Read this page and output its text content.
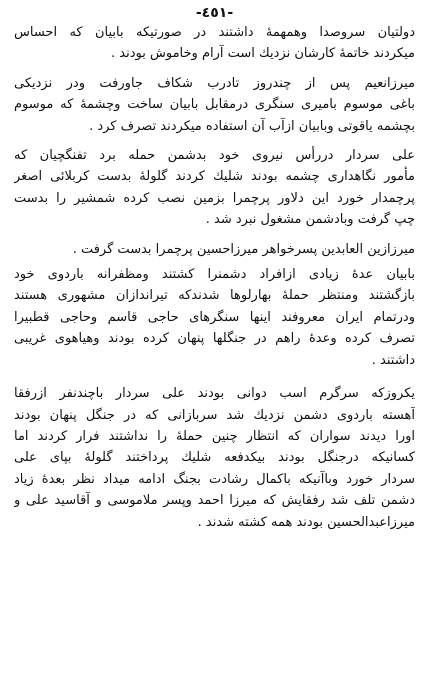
-٤٥١-
دولتیان سروصدا وهمهمهٔ داشتند در صورتیکه بابیان که احساس
میکردند خاتمهٔ کارشان نزدیك است آرام وخاموش بودند .
میرزانعیم پس از چندروز تادرب شکاف جاورفت ودر نزدیکی
باغی موسوم بامیری سنگری درمقابل بابیان ساخت وچشمهٔ که موسوم
بچشمه یاقوتی وبابیان ازآب آن استفاده میکردند تصرف کرد .
علی سردار دررأس نیروی خود بدشمن حمله برد تفنگچیان که
مأمور نگاهداری چشمه بودند شلیك کردند گلولهٔ بدست کربلائی اصغر
پرچمدار خورد این دلاور پرچمرا بزمین نصب کرده شمشیر را بدست
چپ گرفت وبادشمن مشغول نبرد شد .
میرزازین العابدین پسرخواهر میرزاحسین پرچمرا بدست گرفت .
بابیان عدهٔ زیادی ازافراد دشمنرا کشتند ومظفرانه باردوی خود
بازگشتند ومنتظر حملهٔ بهارلوها شدندکه تیراندازان مشهوری هستند
ودرتمام ایران معروفند اینها سنگرهای حاجی قاسم وحاجی قطبیرا
تصرف کرده وعدهٔ راهم در جنگلها پنهان کرده بودند وهیاهوی غریبی
داشتند .
یکروزکه سرگرم اسب دوانی بودند علی سردار باچندنفر ازرفقا
آهسته باردوی دشمن نزدیك شد سربازانی که در جنگل پنهان بودند
اورا دیدند سواران که انتظار چنین حملهٔ را نداشتند فرار کردند اما
کسانیکه درجنگل بودند بیکدفعه شلیك پرداختند گلولهٔ بپای علی
سردار خورد وباآنیکه باکمال رشادت بجنگ ادامه میداد نظر بعدهٔ زیاد
دشمن تلف شد رفقایش که میرزا احمد وپسر ملاموسی و آقاسید علی و
میرزاعبدالحسین بودند همه کشته شدند .
